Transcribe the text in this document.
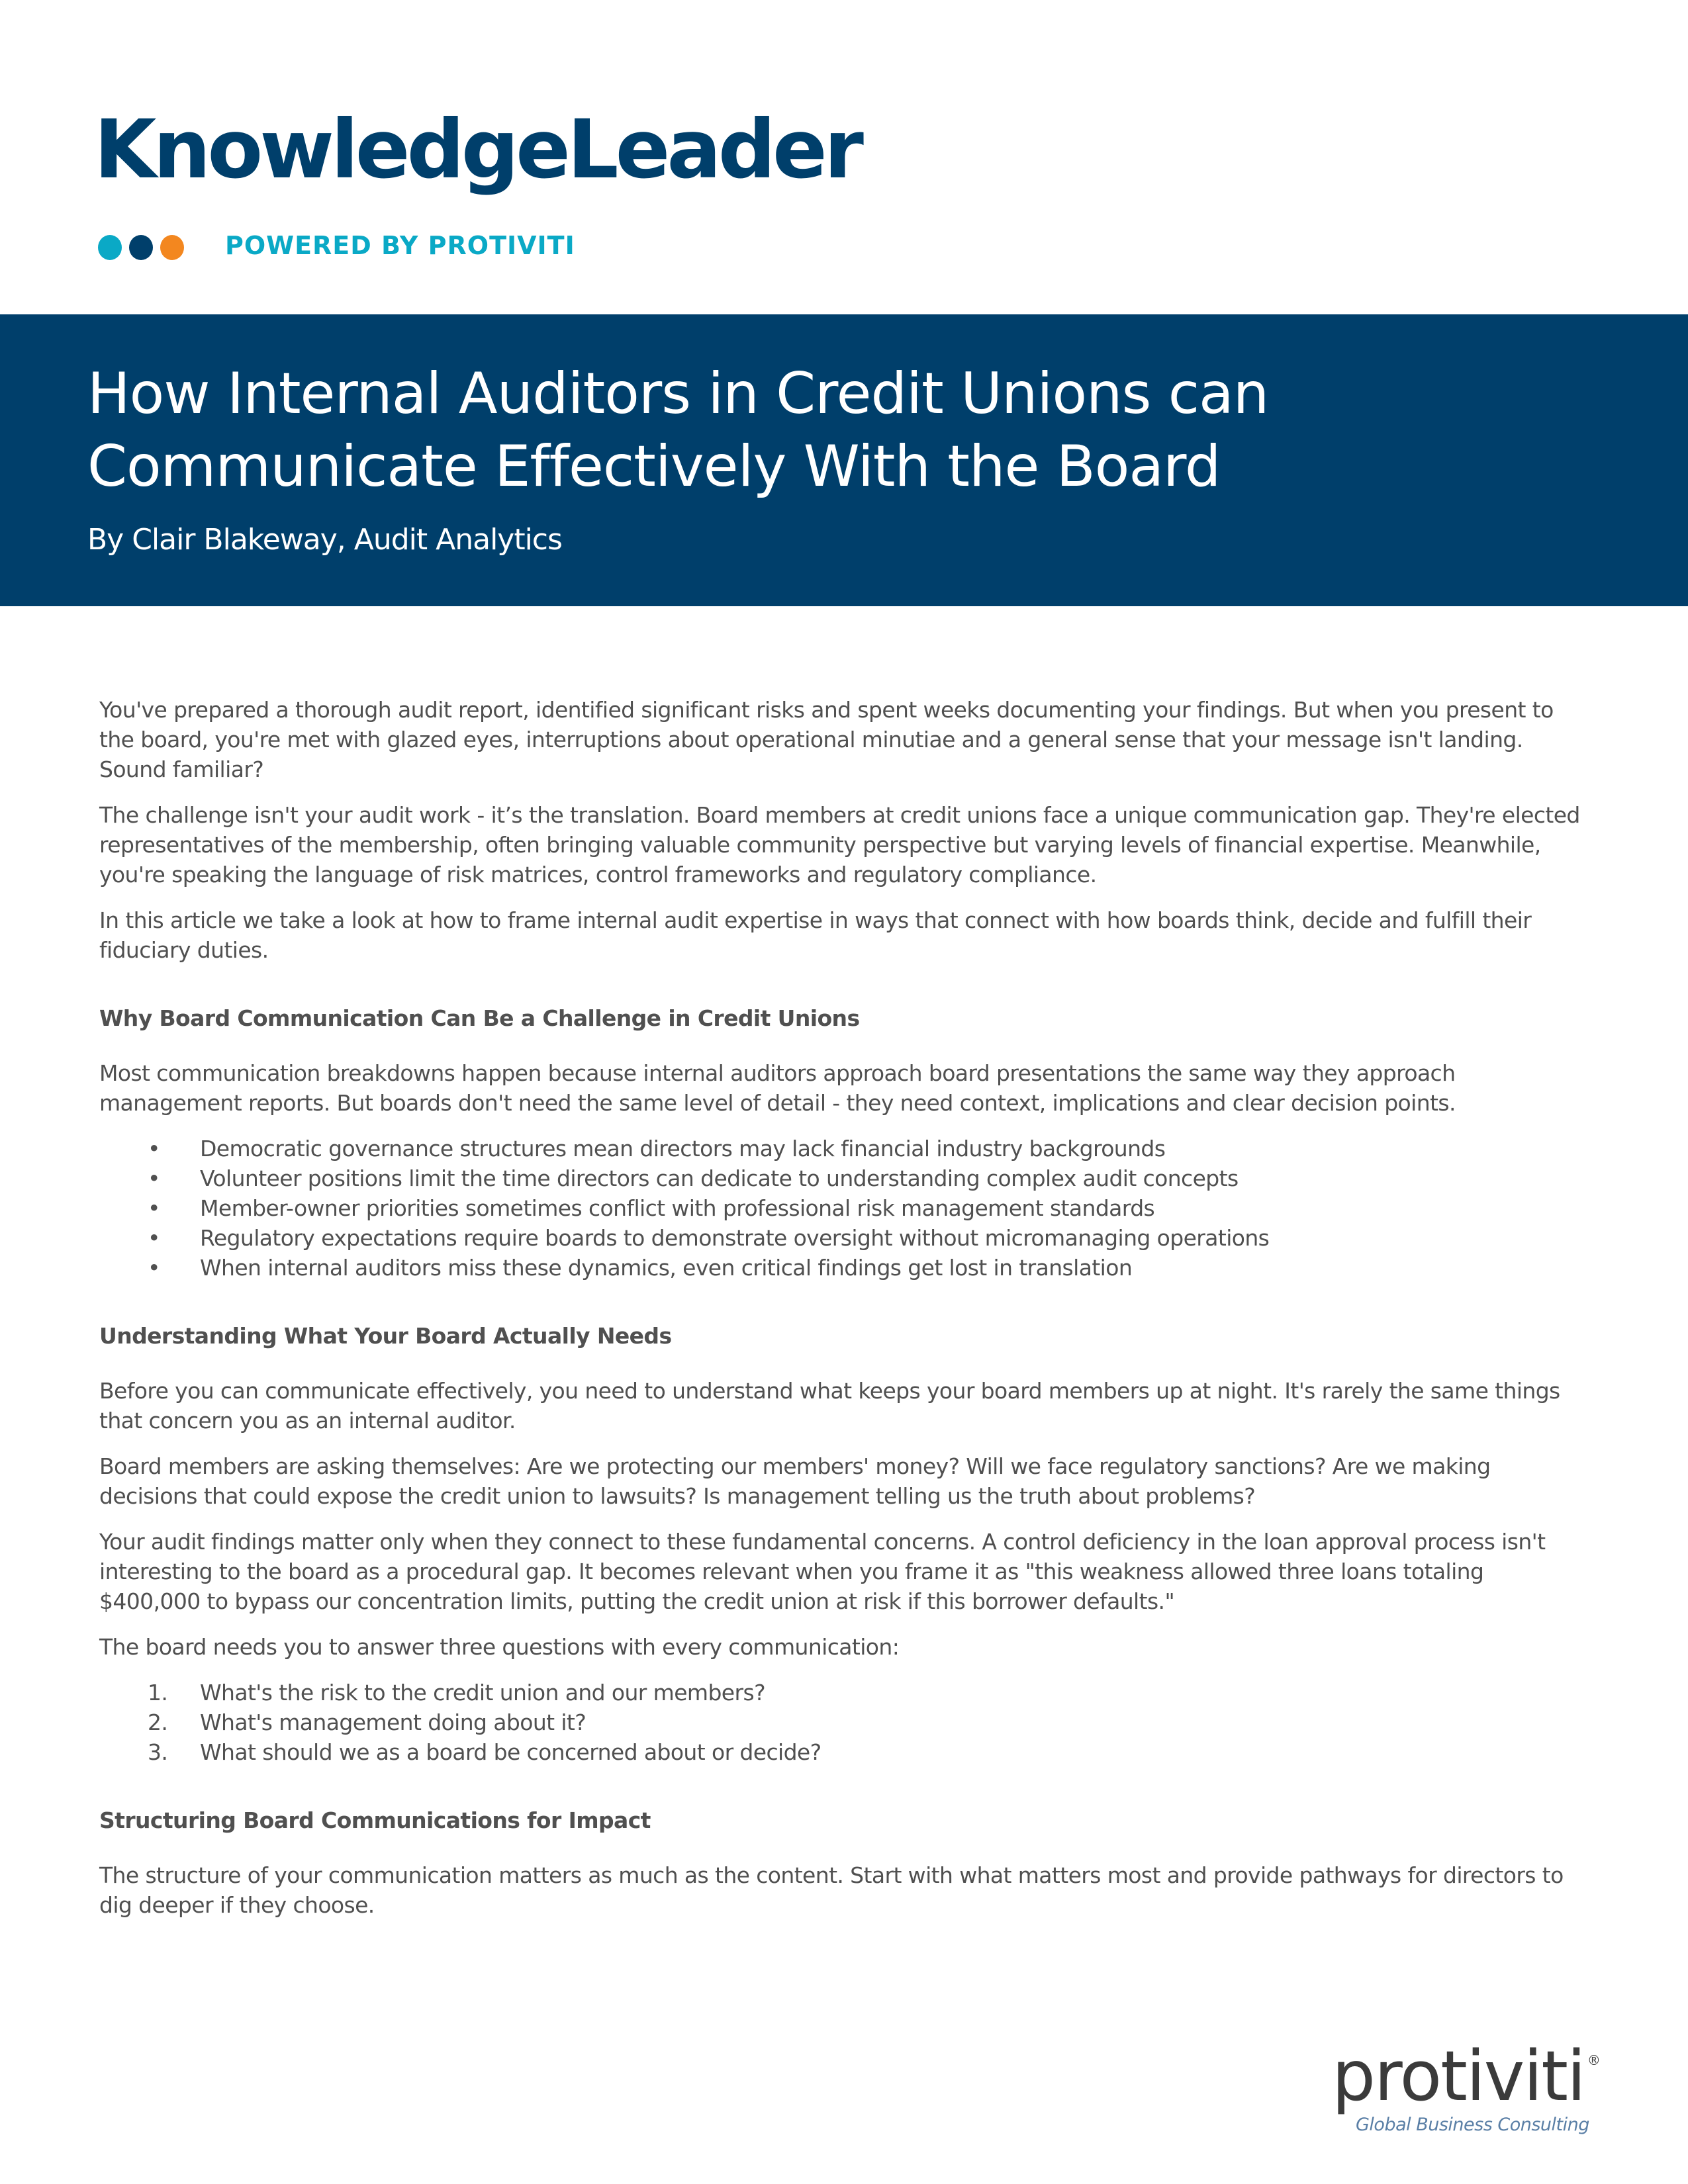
KnowledgeLeader
POWERED BY PROTIVITI
How Internal Auditors in Credit Unions can
Communicate Effectively With the Board
By Clair Blakeway, Audit Analytics

You've prepared a thorough audit report, identified significant risks and spent weeks documenting your findings. But when you present to the board, you're met with glazed eyes, interruptions about operational minutiae and a general sense that your message isn't landing. Sound familiar?

The challenge isn't your audit work - it’s the translation. Board members at credit unions face a unique communication gap. They're elected representatives of the membership, often bringing valuable community perspective but varying levels of financial expertise. Meanwhile, you're speaking the language of risk matrices, control frameworks and regulatory compliance.

In this article we take a look at how to frame internal audit expertise in ways that connect with how boards think, decide and fulfill their fiduciary duties.

Why Board Communication Can Be a Challenge in Credit Unions

Most communication breakdowns happen because internal auditors approach board presentations the same way they approach management reports. But boards don't need the same level of detail - they need context, implications and clear decision points.

• Democratic governance structures mean directors may lack financial industry backgrounds
• Volunteer positions limit the time directors can dedicate to understanding complex audit concepts
• Member-owner priorities sometimes conflict with professional risk management standards
• Regulatory expectations require boards to demonstrate oversight without micromanaging operations
• When internal auditors miss these dynamics, even critical findings get lost in translation
Understanding What Your Board Actually Needs

Before you can communicate effectively, you need to understand what keeps your board members up at night. It's rarely the same things that concern you as an internal auditor.

Board members are asking themselves: Are we protecting our members' money? Will we face regulatory sanctions? Are we making decisions that could expose the credit union to lawsuits? Is management telling us the truth about problems?

Your audit findings matter only when they connect to these fundamental concerns. A control deficiency in the loan approval process isn't interesting to the board as a procedural gap. It becomes relevant when you frame it as "this weakness allowed three loans totaling $400,000 to bypass our concentration limits, putting the credit union at risk if this borrower defaults."

The board needs you to answer three questions with every communication:

1. What's the risk to the credit union and our members?
2. What's management doing about it?
3. What should we as a board be concerned about or decide?
Structuring Board Communications for Impact

The structure of your communication matters as much as the content. Start with what matters most and provide pathways for directors to dig deeper if they choose.

protiviti ®
Global Business Consulting
